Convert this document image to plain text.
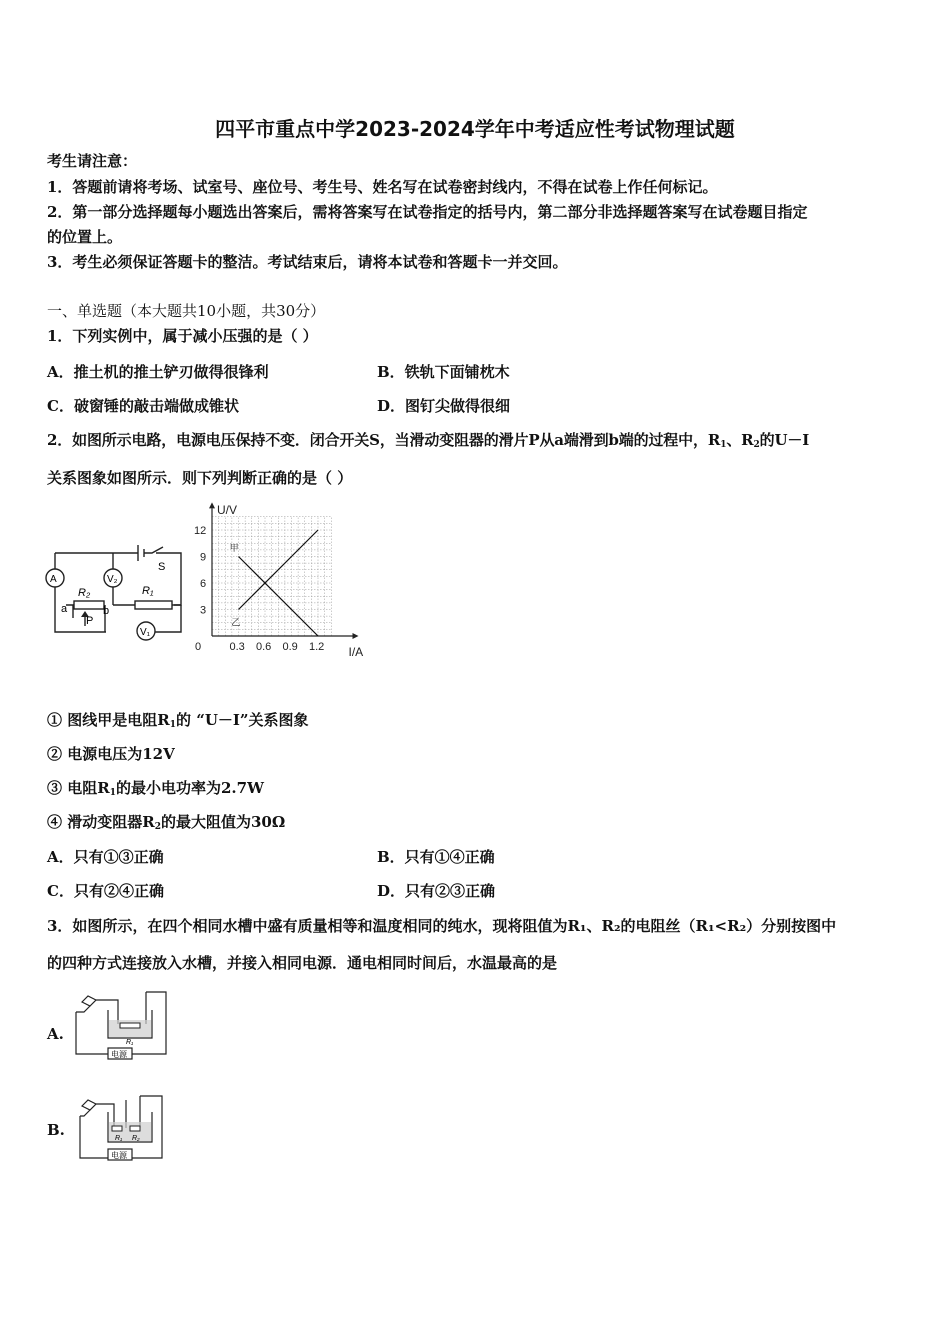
四平市重点中学2023-2024学年中考适应性考试物理试题
考生请注意：
1．答题前请将考场、试室号、座位号、考生号、姓名写在试卷密封线内，不得在试卷上作任何标记。
2．第一部分选择题每小题选出答案后，需将答案写在试卷指定的括号内，第二部分非选择题答案写在试卷题目指定
的位置上。
3．考生必须保证答题卡的整洁。考试结束后，请将本试卷和答题卡一并交回。
一、单选题（本大题共10小题，共30分）
1．下列实例中，属于减小压强的是（ ）
A．推土机的推土铲刃做得很锋利	B．铁轨下面铺枕木
C．破窗锤的敲击端做成锥状	D．图钉尖做得很细
2．如图所示电路，电源电压保持不变．闭合开关S，当滑动变阻器的滑片P从a端滑到b端的过程中，$R_1$、$R_2$的U－I
关系图象如图所示．则下列判断正确的是（ ）
A	V₂
V₁
S
R₁
R₂
a	b
P
0.3 0.6 0.9 1.2
3
6
9
12
0
U/V
I/A
甲
乙
① 图线甲是电阻$R_1$的 “U－I”关系图象
② 电源电压为12V
③ 电阻$R_1$的最小电功率为2.7W
④ 滑动变阻器$R_2$的最大阻值为30Ω
A．只有①③正确	B．只有①④正确
C．只有②④正确	D．只有②③正确
3．如图所示，在四个相同水槽中盛有质量相等和温度相同的纯水，现将阻值为R₁、R₂的电阻丝（R₁<R₂）分别按图中
的四种方式连接放入水槽，并接入相同电源．通电相同时间后，水温最高的是
A.
电源
R₁
B.
电源
R₁ R₂
